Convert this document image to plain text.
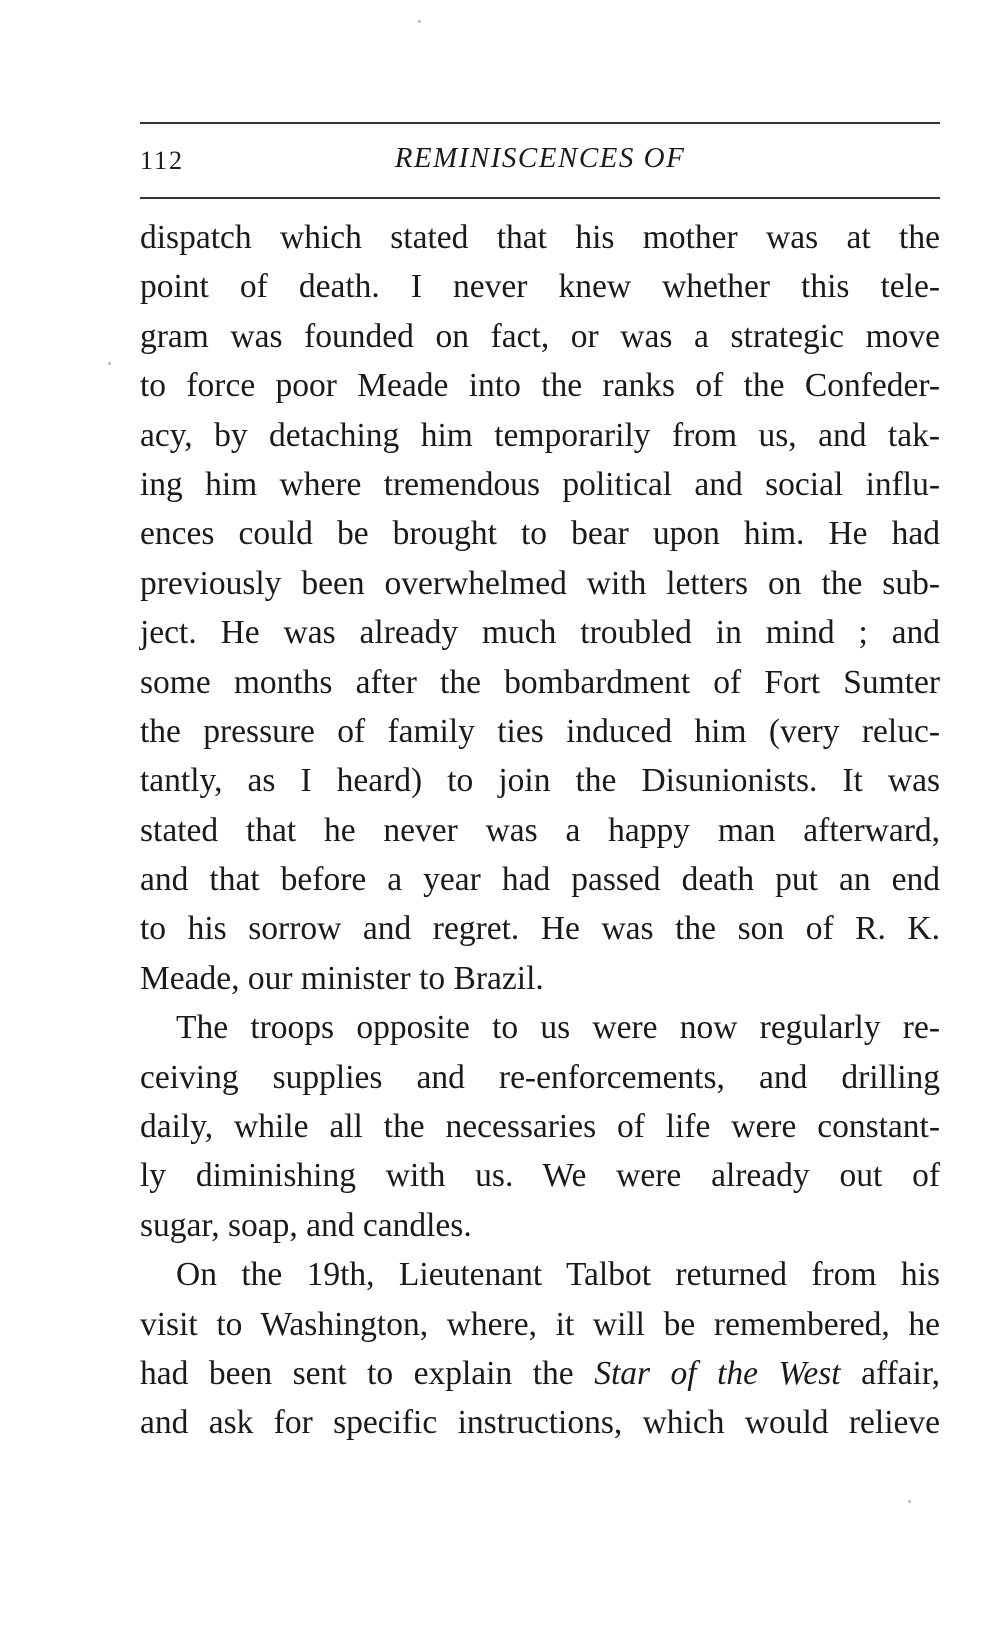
112	REMINISCENCES OF
dispatch which stated that his mother was at the
point of death. I never knew whether this tele-
gram was founded on fact, or was a strategic move
to force poor Meade into the ranks of the Confeder-
acy, by detaching him temporarily from us, and tak-
ing him where tremendous political and social influ-
ences could be brought to bear upon him. He had
previously been overwhelmed with letters on the sub-
ject. He was already much troubled in mind ; and
some months after the bombardment of Fort Sumter
the pressure of family ties induced him (very reluc-
tantly, as I heard) to join the Disunionists. It was
stated that he never was a happy man afterward,
and that before a year had passed death put an end
to his sorrow and regret. He was the son of R. K.
Meade, our minister to Brazil.
The troops opposite to us were now regularly re-
ceiving supplies and re-enforcements, and drilling
daily, while all the necessaries of life were constant-
ly diminishing with us. We were already out of
sugar, soap, and candles.
On the 19th, Lieutenant Talbot returned from his
visit to Washington, where, it will be remembered, he
had been sent to explain the Star of the West affair,
and ask for specific instructions, which would relieve
